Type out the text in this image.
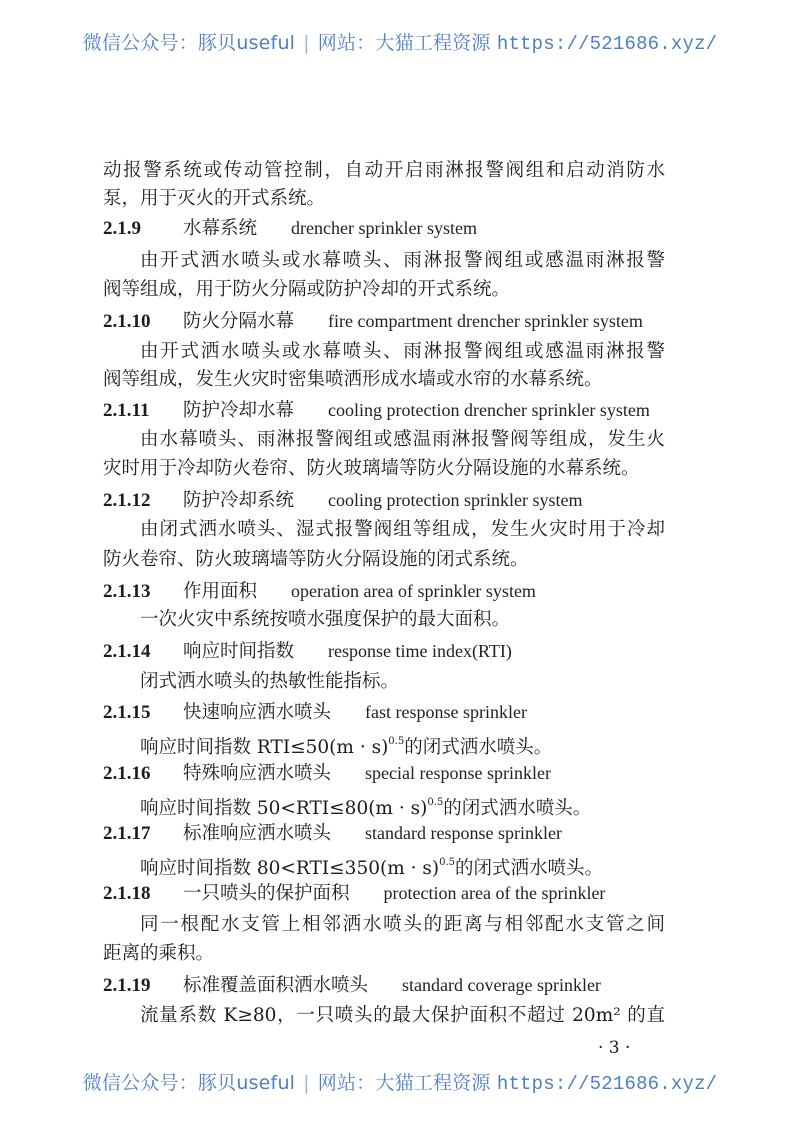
微信公众号：豚贝useful | 网站：大猫工程资源 https://521686.xyz/
动报警系统或传动管控制，自动开启雨淋报警阀组和启动消防水
泵，用于灭火的开式系统。
2.1.9 水幕系统 drencher sprinkler system
由开式洒水喷头或水幕喷头、雨淋报警阀组或感温雨淋报警
阀等组成，用于防火分隔或防护冷却的开式系统。
2.1.10 防火分隔水幕 fire compartment drencher sprinkler system
由开式洒水喷头或水幕喷头、雨淋报警阀组或感温雨淋报警
阀等组成，发生火灾时密集喷洒形成水墙或水帘的水幕系统。
2.1.11 防护冷却水幕 cooling protection drencher sprinkler system
由水幕喷头、雨淋报警阀组或感温雨淋报警阀等组成，发生火
灾时用于冷却防火卷帘、防火玻璃墙等防火分隔设施的水幕系统。
2.1.12 防护冷却系统 cooling protection sprinkler system
由闭式洒水喷头、湿式报警阀组等组成，发生火灾时用于冷却
防火卷帘、防火玻璃墙等防火分隔设施的闭式系统。
2.1.13 作用面积 operation area of sprinkler system
一次火灾中系统按喷水强度保护的最大面积。
2.1.14 响应时间指数 response time index(RTI)
闭式洒水喷头的热敏性能指标。
2.1.15 快速响应洒水喷头 fast response sprinkler
响应时间指数 $RTI\le 50(m \cdot s)^{0.5}$的闭式洒水喷头。
2.1.16 特殊响应洒水喷头 special response sprinkler
响应时间指数 $50<RTI\le 80(m \cdot s)^{0.5}$的闭式洒水喷头。
2.1.17 标准响应洒水喷头 standard response sprinkler
响应时间指数 $80<RTI\le 350(m \cdot s)^{0.5}$的闭式洒水喷头。
2.1.18 一只喷头的保护面积 protection area of the sprinkler
同一根配水支管上相邻洒水喷头的距离与相邻配水支管之间
距离的乘积。
2.1.19 标准覆盖面积洒水喷头 standard coverage sprinkler
流量系数 K≥80，一只喷头的最大保护面积不超过 20m² 的直
· 3 ·
微信公众号：豚贝useful | 网站：大猫工程资源 https://521686.xyz/
